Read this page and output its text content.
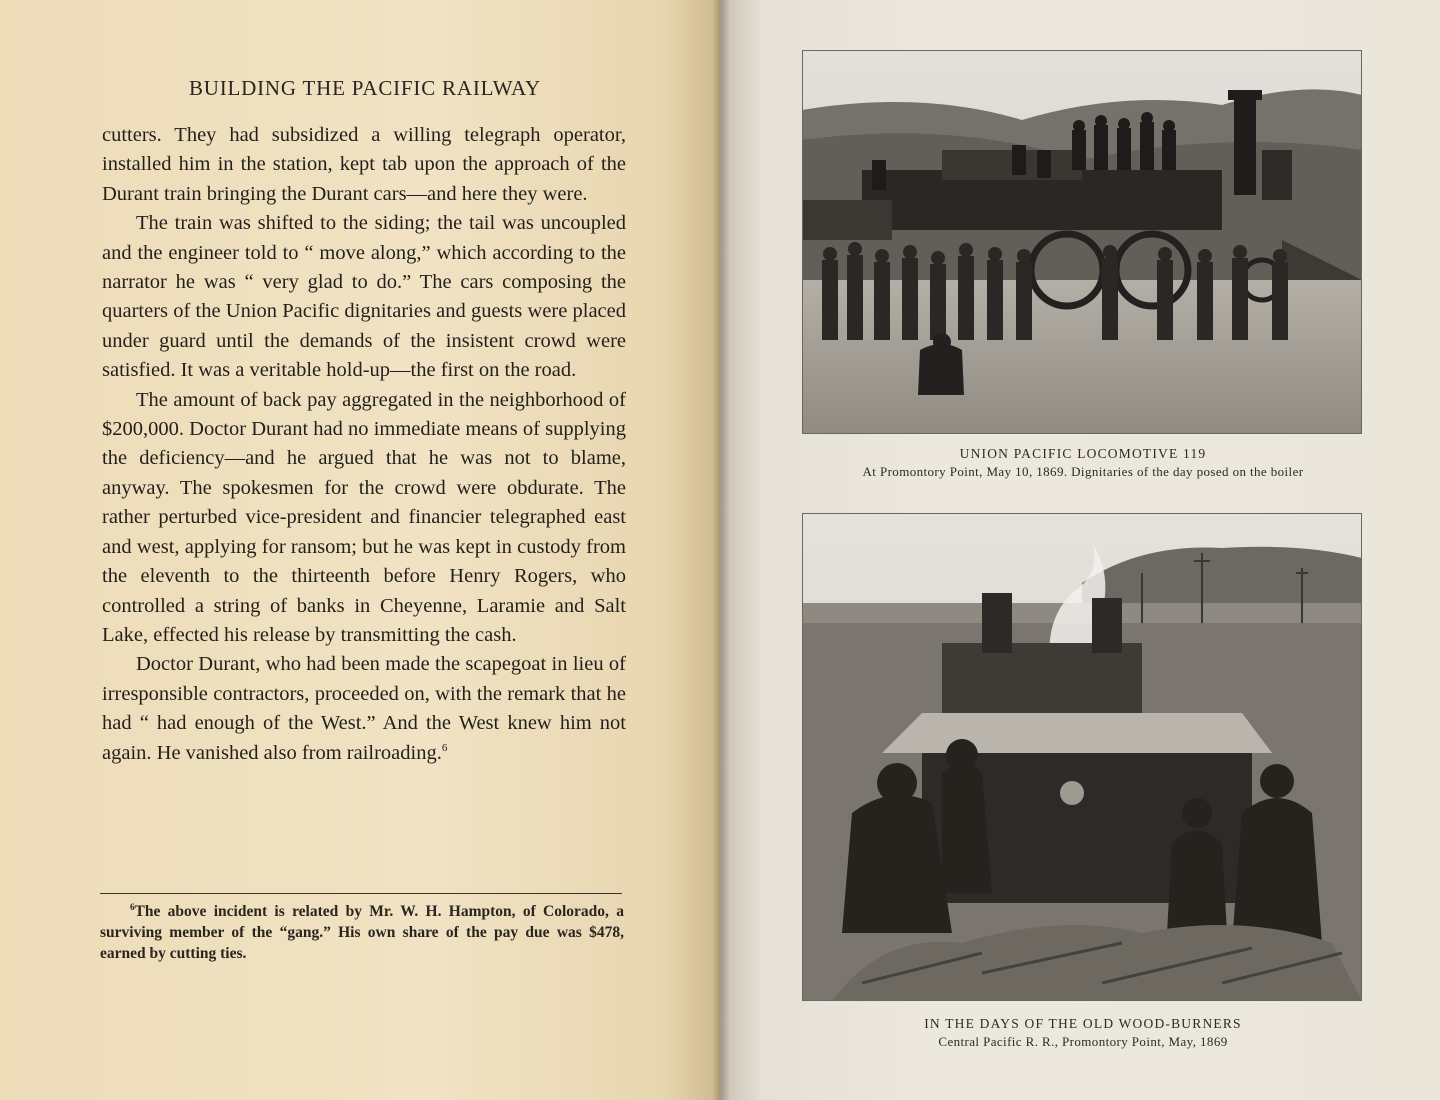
BUILDING THE PACIFIC RAILWAY

cutters. They had subsidized a willing telegraph operator, installed him in the station, kept tab upon the approach of the Durant train bringing the Durant cars—and here they were.

The train was shifted to the siding; the tail was uncoupled and the engineer told to “ move along,” which according to the narrator he was “ very glad to do.” The cars composing the quarters of the Union Pacific dignitaries and guests were placed under guard until the demands of the insistent crowd were satisfied. It was a veritable hold-up—the first on the road.

The amount of back pay aggregated in the neighborhood of $200,000. Doctor Durant had no immediate means of supplying the deficiency—and he argued that he was not to blame, anyway. The spokesmen for the crowd were obdurate. The rather perturbed vice-president and financier telegraphed east and west, applying for ransom; but he was kept in custody from the eleventh to the thirteenth before Henry Rogers, who controlled a string of banks in Cheyenne, Laramie and Salt Lake, effected his release by transmitting the cash.

Doctor Durant, who had been made the scapegoat in lieu of irresponsible contractors, proceeded on, with the remark that he had “ had enough of the West.” And the West knew him not again. He vanished also from railroading.$^6$

$^6$The above incident is related by Mr. W. H. Hampton, of Colorado, a surviving member of the “gang.” His own share of the pay due was $478, earned by cutting ties.
UNION PACIFIC LOCOMOTIVE 119
At Promontory Point, May 10, 1869. Dignitaries of the day posed on the boiler
IN THE DAYS OF THE OLD WOOD-BURNERS
Central Pacific R. R., Promontory Point, May, 1869
